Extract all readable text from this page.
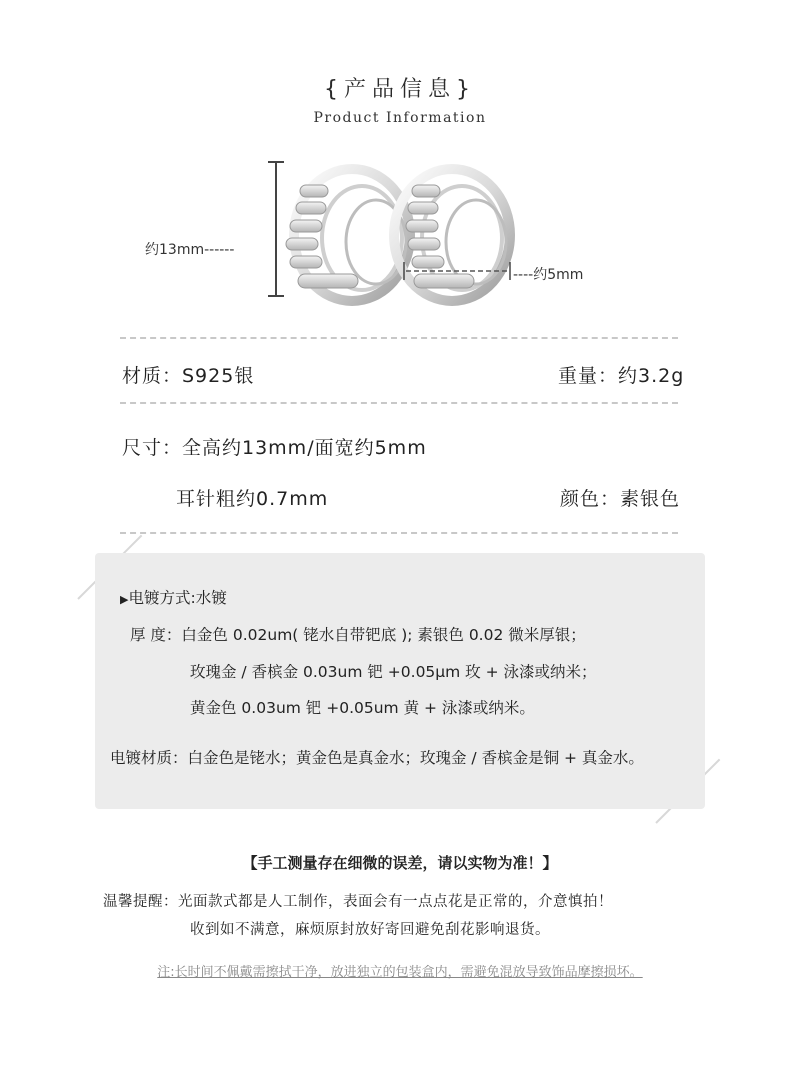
{产品信息}
Product Information
约13mm------
----约5mm
材质：S925银	重量：约3.2g
尺寸：全高约13mm/面宽约5mm
耳针粗约0.7mm	颜色：素银色
▶电镀方式:水镀
厚 度：白金色 0.02um( 铑水自带钯底 ); 素银色 0.02 微米厚银；
玫瑰金 / 香槟金 0.03um 钯 +0.05μm 玫 + 泳漆或纳米；
黄金色 0.03um 钯 +0.05um 黄 + 泳漆或纳米。
电镀材质：白金色是铑水；黄金色是真金水；玫瑰金 / 香槟金是铜 + 真金水。
【手工测量存在细微的误差，请以实物为准！】
温馨提醒：光面款式都是人工制作，表面会有一点点花是正常的，介意慎拍！
收到如不满意，麻烦原封放好寄回避免刮花影响退货。
注:长时间不佩戴需擦拭干净，放进独立的包装盒内，需避免混放导致饰品摩擦损坏。
